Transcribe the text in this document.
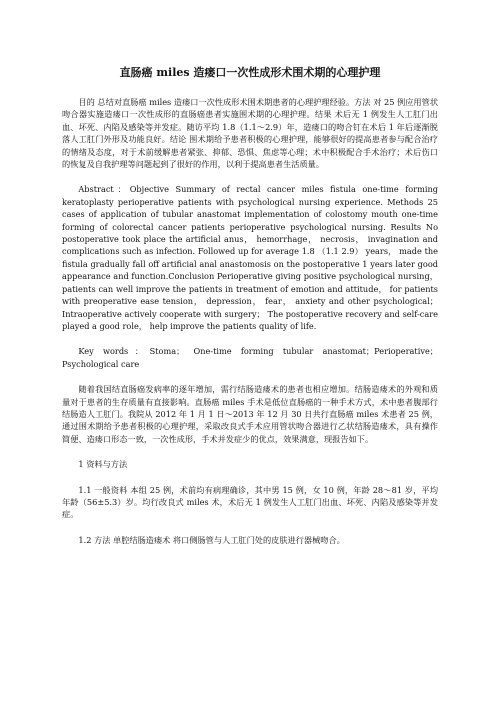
直肠癌 miles 造瘘口一次性成形术围术期的心理护理

目的 总结对直肠癌 miles 造瘘口一次性成形术围术期患者的心理护理经验。方法 对 25 例应用管状吻合器实施造瘘口一次性成形的直肠癌患者实施围术期的心理护理。结果 术后无 1 例发生人工肛门出血、坏死、内陷及感染等并发症。随访平均 1.8（1.1～2.9）年，造瘘口的吻合钉在术后 1 年后逐渐脱落人工肛门外形及功能良好。结论 围术期给予患者积极的心理护理，能够很好的提高患者参与配合治疗的情绪及态度，对于术前缓解患者紧张、抑郁、恐惧、焦虑等心理；术中积极配合手术治疗；术后伤口的恢复及自我护理等问题起到了很好的作用，以利于提高患者生活质量。

Abstract：Objective Summary of rectal cancer miles fistula one-time forming keratoplasty perioperative patients with psychological nursing experience. Methods 25 cases of application of tubular anastomat implementation of colostomy mouth one-time forming of colorectal cancer patients perioperative psychological nursing. Results No postoperative took place the artificial anus， hemorrhage， necrosis， invagination and complications such as infection. Followed up for average 1.8 （1.1 2.9） years， made the fistula gradually fall off artificial anal anastomosis on the postoperative 1 years later good appearance and function.Conclusion Perioperative giving positive psychological nursing， patients can well improve the patients in treatment of emotion and attitude， for patients with preoperative ease tension， depression， fear， anxiety and other psychological； Intraoperative actively cooperate with surgery； The postoperative recovery and self-care played a good role， help improve the patients quality of life.

Key words：Stoma； One-time forming tubular anastomat；Perioperative；Psychological care

随着我国结直肠癌发病率的逐年增加，需行结肠造瘘术的患者也相应增加。结肠造瘘术的外观和质量对于患者的生存质量有直接影响。直肠癌 miles 手术是低位直肠癌的一种手术方式，术中患者腹部行结肠造人工肛门。我院从 2012 年 1 月 1 日～2013 年 12 月 30 日共行直肠癌 miles 术患者 25 例，通过围术期给予患者积极的心理护理，采取改良式手术应用管状吻合器进行乙状结肠造瘘术，具有操作简便、造瘘口形态一致，一次性成形，手术并发症少的优点，效果满意，现报告如下。

1 资料与方法

1.1 一般资料 本组 25 例，术前均有病理确诊，其中男 15 例，女 10 例，年龄 28～81 岁，平均年龄（56±5.3）岁。均行改良式 miles 术，术后无 1 例发生人工肛门出血、坏死、内陷及感染等并发症。

1.2 方法 单腔结肠造瘘术 将口侧肠管与人工肛门处的皮肤进行器械吻合。
